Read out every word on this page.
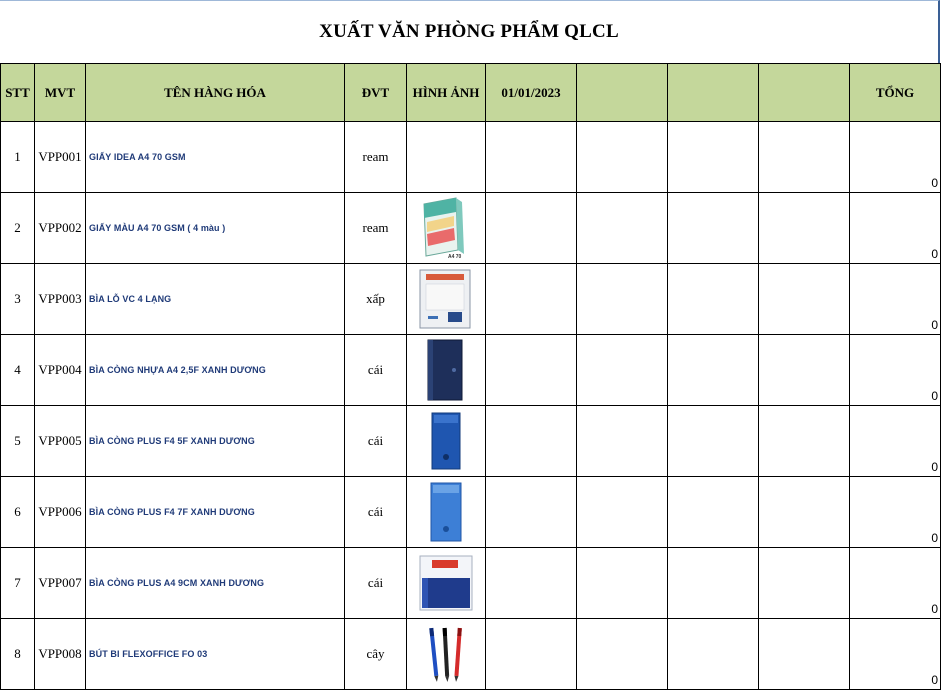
XUẤT VĂN PHÒNG PHẨM QLCL
STT	MVT	TÊN HÀNG HÓA	ĐVT	HÌNH ẢNH	01/01/2023				TỔNG
1	VPP001	GIẤY IDEA A4 70 GSM	ream						0
2	VPP002	GIẤY MÀU A4 70 GSM ( 4 màu )	ream	A4 70					0
3	VPP003	BÌA LỖ VC 4 LẠNG	xấp						0
4	VPP004	BÌA CÒNG NHỰA A4 2,5F XANH DƯƠNG	cái						0
5	VPP005	BÌA CÒNG PLUS F4 5F XANH DƯƠNG	cái						0
6	VPP006	BÌA CÒNG PLUS F4 7F XANH DƯƠNG	cái						0
7	VPP007	BÌA CÒNG PLUS A4 9CM XANH DƯƠNG	cái						0
8	VPP008	BÚT BI FLEXOFFICE FO 03	cây						0
